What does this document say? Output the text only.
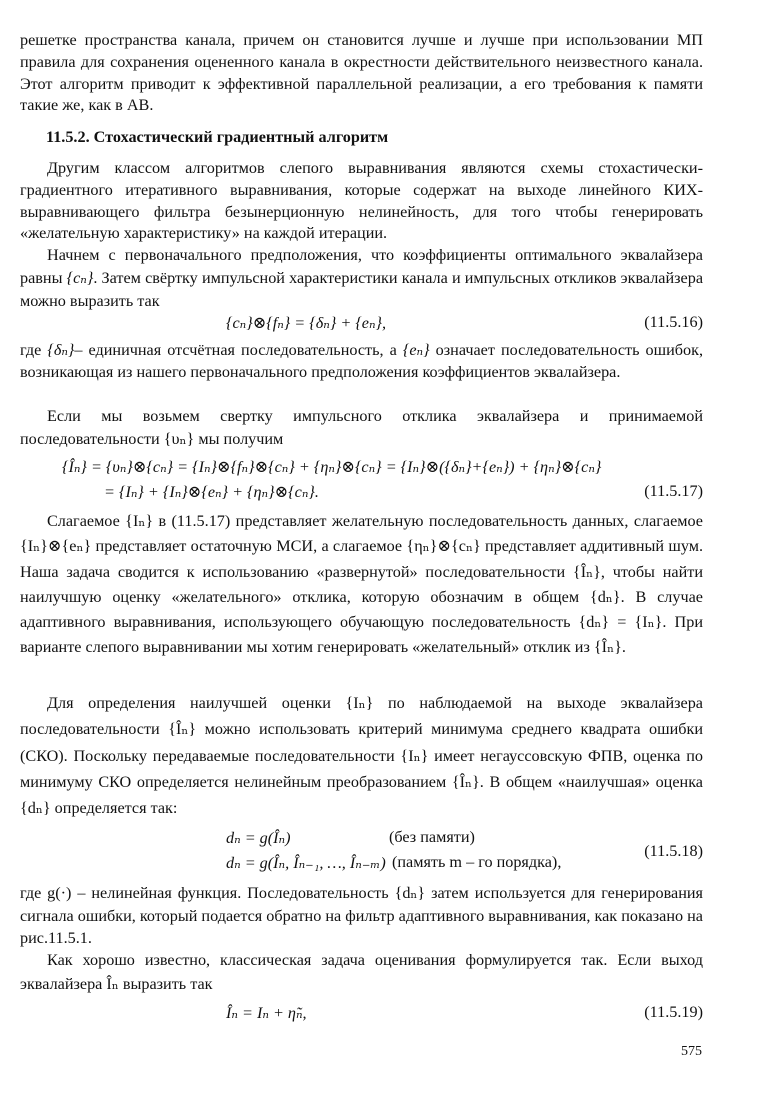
решетке пространства канала, причем он становится лучше и лучше при использовании МП правила для сохранения оцененного канала в окрестности действительного неизвестного канала. Этот алгоритм приводит к эффективной параллельной реализации, а его требования к памяти такие же, как в АВ.

11.5.2. Стохастический градиентный алгоритм

Другим классом алгоритмов слепого выравнивания являются схемы стохастически-градиентного итеративного выравнивания, которые содержат на выходе линейного КИХ-выравнивающего фильтра безынерционную нелинейность, для того чтобы генерировать «желательную характеристику» на каждой итерации.

Начнем с первоначального предположения, что коэффициенты оптимального эквалайзера равны {cₙ}. Затем свёртку импульсной характеристики канала и импульсных откликов эквалайзера можно выразить так

{cₙ}⊗{fₙ} = {δₙ} + {eₙ},	(11.5.16)

где {δₙ}– единичная отсчётная последовательность, а {eₙ} означает последовательность ошибок, возникающая из нашего первоначального предположения коэффициентов эквалайзера.

Если мы возьмем свертку импульсного отклика эквалайзера и принимаемой последовательности {υₙ} мы получим

{Îₙ} = {υₙ}⊗{cₙ} = {Iₙ}⊗{fₙ}⊗{cₙ} + {ηₙ}⊗{cₙ} = {Iₙ}⊗({δₙ}+{eₙ}) + {ηₙ}⊗{cₙ}
= {Iₙ} + {Iₙ}⊗{eₙ} + {ηₙ}⊗{cₙ}.	(11.5.17)

Слагаемое {Iₙ} в (11.5.17) представляет желательную последовательность данных, слагаемое {Iₙ}⊗{eₙ} представляет остаточную МСИ, а слагаемое {ηₙ}⊗{cₙ} представляет аддитивный шум. Наша задача сводится к использованию «развернутой» последовательности {Îₙ}, чтобы найти наилучшую оценку «желательного» отклика, которую обозначим в общем {dₙ}. В случае адаптивного выравнивания, использующего обучающую последовательность {dₙ} = {Iₙ}. При варианте слепого выравнивании мы хотим генерировать «желательный» отклик из {Îₙ}.

Для определения наилучшей оценки {Iₙ} по наблюдаемой на выходе эквалайзера последовательности {Îₙ} можно использовать критерий минимума среднего квадрата ошибки (СКО). Поскольку передаваемые последовательности {Iₙ} имеет негауссовскую ФПВ, оценка по минимуму СКО определяется нелинейным преобразованием {Îₙ}. В общем «наилучшая» оценка {dₙ} определяется так:

dₙ = g(Îₙ)	(без памяти)
dₙ = g(Îₙ, Îₙ₋₁, …, Îₙ₋ₘ) (память m – го порядка),
(11.5.18)

где g(·) – нелинейная функция. Последовательность {dₙ} затем используется для генерирования сигнала ошибки, который подается обратно на фильтр адаптивного выравнивания, как показано на рис.11.5.1.

Как хорошо известно, классическая задача оценивания формулируется так. Если выход эквалайзера Îₙ выразить так

Îₙ = Iₙ + η̃ₙ,	(11.5.19)
575
